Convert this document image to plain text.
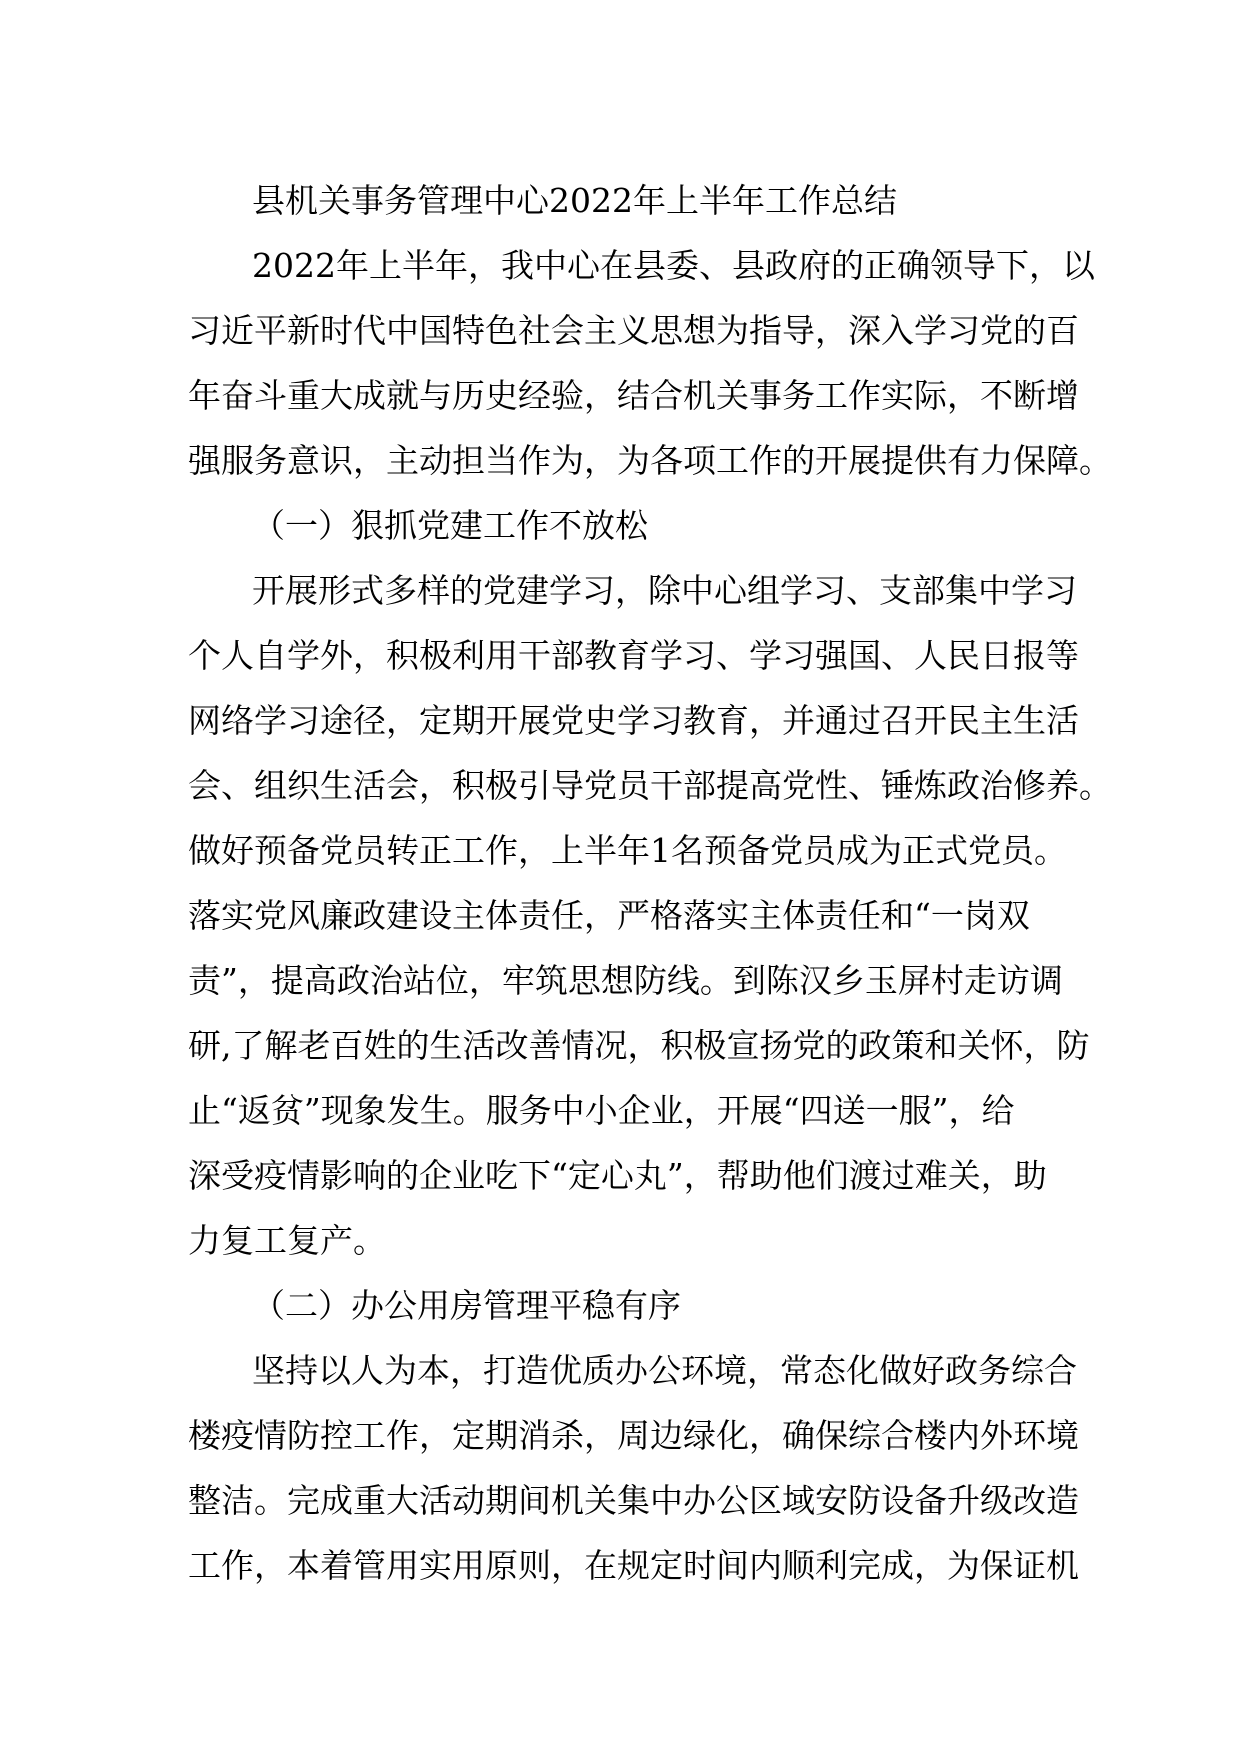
县机关事务管理中心2022年上半年工作总结
2022年上半年，我中心在县委、县政府的正确领导下，以
习近平新时代中国特色社会主义思想为指导，深入学习党的百
年奋斗重大成就与历史经验，结合机关事务工作实际，不断增
强服务意识，主动担当作为，为各项工作的开展提供有力保障。
（一）狠抓党建工作不放松
开展形式多样的党建学习，除中心组学习、支部集中学习
个人自学外，积极利用干部教育学习、学习强国、人民日报等
网络学习途径，定期开展党史学习教育，并通过召开民主生活
会、组织生活会，积极引导党员干部提高党性、锤炼政治修养。
做好预备党员转正工作，上半年1名预备党员成为正式党员。
落实党风廉政建设主体责任，严格落实主体责任和“一岗双
责”，提高政治站位，牢筑思想防线。到陈汉乡玉屏村走访调
研,了解老百姓的生活改善情况，积极宣扬党的政策和关怀，防
止“返贫”现象发生。服务中小企业，开展“四送一服”，给
深受疫情影响的企业吃下“定心丸”，帮助他们渡过难关，助
力复工复产。
（二）办公用房管理平稳有序
坚持以人为本，打造优质办公环境，常态化做好政务综合
楼疫情防控工作，定期消杀，周边绿化，确保综合楼内外环境
整洁。完成重大活动期间机关集中办公区域安防设备升级改造
工作，本着管用实用原则，在规定时间内顺利完成，为保证机
